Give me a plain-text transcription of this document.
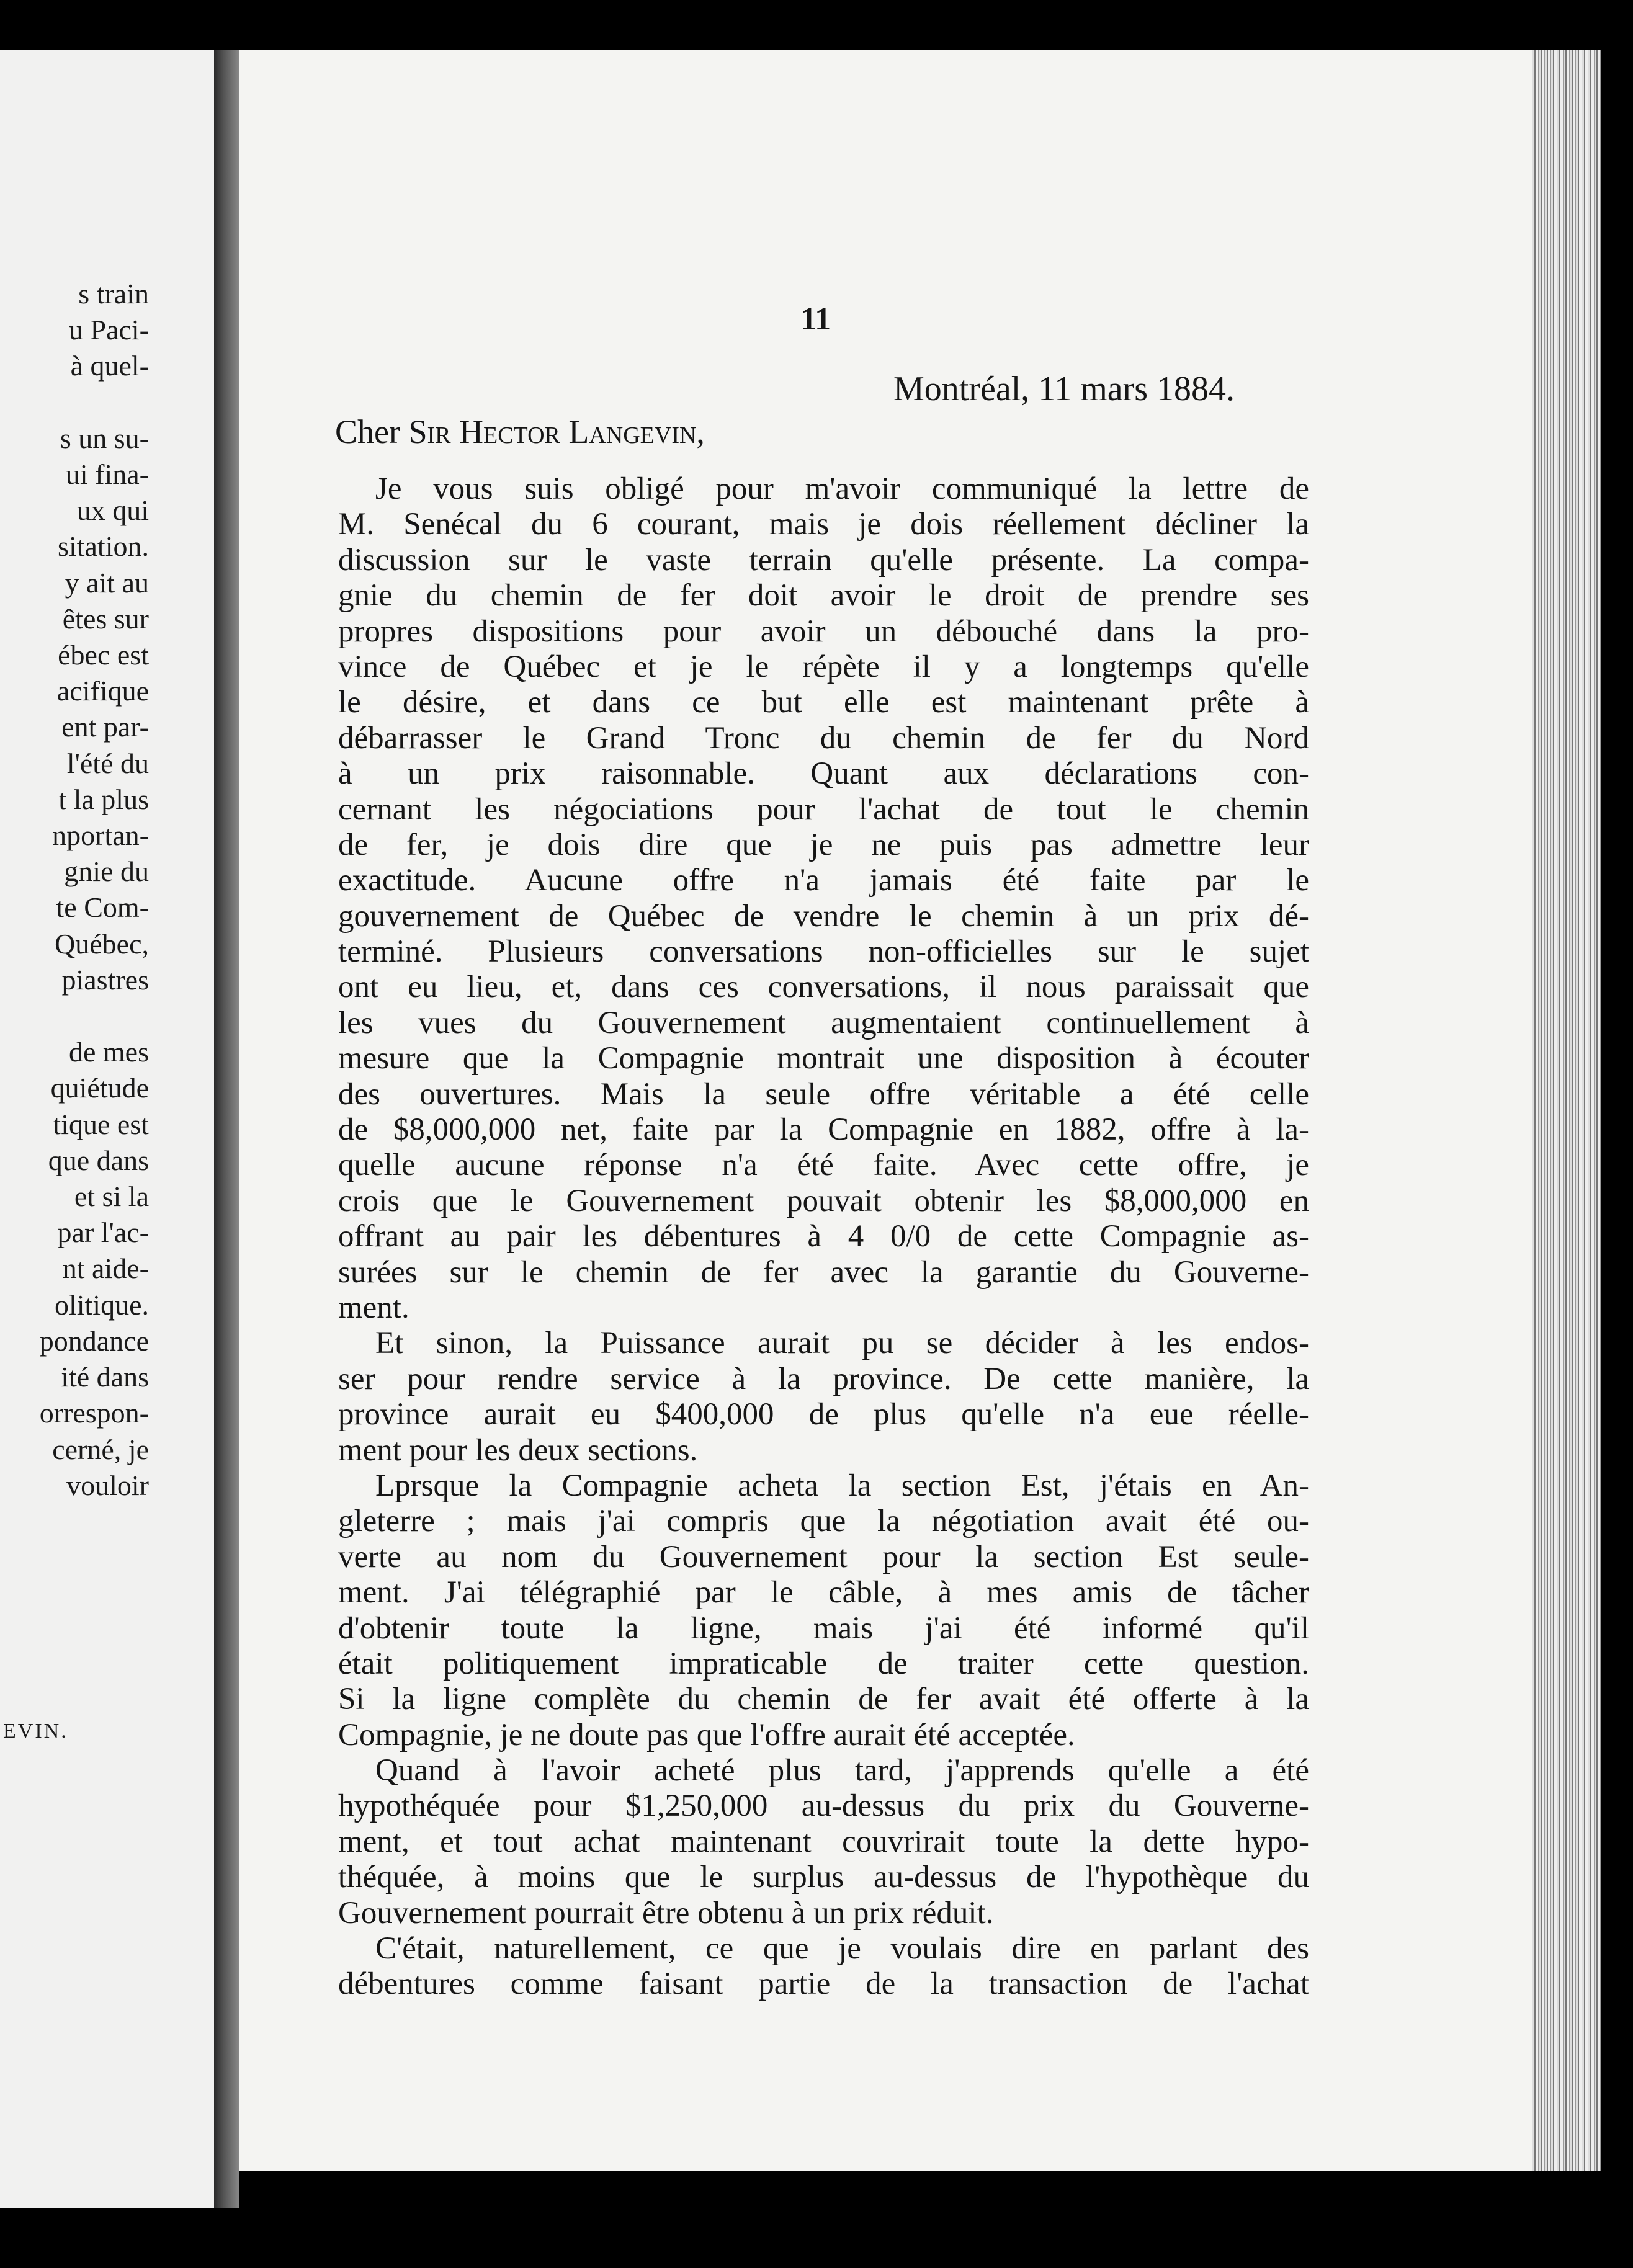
s train
u Paci-
à quel-

s un su-
ui fina-
ux qui
sitation.
y ait au
êtes sur
ébec est
acifique
ent par-
l'été du
t la plus
nportan-
gnie du
te Com-
Québec,
piastres

de mes
quiétude
tique est
que dans
et si la
par l'ac-
nt aide-
olitique.
pondance
ité dans
orrespon-
cerné, je
vouloir
EVIN.
11
Montréal, 11 mars 1884.
Cher Sir Hector Langevin,
Je vous suis obligé pour m'avoir communiqué la lettre de
M. Senécal du 6 courant, mais je dois réellement décliner la
discussion sur le vaste terrain qu'elle présente. La compa-
gnie du chemin de fer doit avoir le droit de prendre ses
propres dispositions pour avoir un débouché dans la pro-
vince de Québec et je le répète il y a longtemps qu'elle
le désire, et dans ce but elle est maintenant prête à
débarrasser le Grand Tronc du chemin de fer du Nord
à un prix raisonnable. Quant aux déclarations con-
cernant les négociations pour l'achat de tout le chemin
de fer, je dois dire que je ne puis pas admettre leur
exactitude. Aucune offre n'a jamais été faite par le
gouvernement de Québec de vendre le chemin à un prix dé-
terminé. Plusieurs conversations non-officielles sur le sujet
ont eu lieu, et, dans ces conversations, il nous paraissait que
les vues du Gouvernement augmentaient continuellement à
mesure que la Compagnie montrait une disposition à écouter
des ouvertures. Mais la seule offre véritable a été celle
de $8,000,000 net, faite par la Compagnie en 1882, offre à la-
quelle aucune réponse n'a été faite. Avec cette offre, je
crois que le Gouvernement pouvait obtenir les $8,000,000 en
offrant au pair les débentures à 4 0/0 de cette Compagnie as-
surées sur le chemin de fer avec la garantie du Gouverne-
ment.
Et sinon, la Puissance aurait pu se décider à les endos-
ser pour rendre service à la province. De cette manière, la
province aurait eu $400,000 de plus qu'elle n'a eue réelle-
ment pour les deux sections.
Lprsque la Compagnie acheta la section Est, j'étais en An-
gleterre ; mais j'ai compris que la négotiation avait été ou-
verte au nom du Gouvernement pour la section Est seule-
ment. J'ai télégraphié par le câble, à mes amis de tâcher
d'obtenir toute la ligne, mais j'ai été informé qu'il
était politiquement impraticable de traiter cette question.
Si la ligne complète du chemin de fer avait été offerte à la
Compagnie, je ne doute pas que l'offre aurait été acceptée.
Quand à l'avoir acheté plus tard, j'apprends qu'elle a été
hypothéquée pour $1,250,000 au-dessus du prix du Gouverne-
ment, et tout achat maintenant couvrirait toute la dette hypo-
théquée, à moins que le surplus au-dessus de l'hypothèque du
Gouvernement pourrait être obtenu à un prix réduit.
C'était, naturellement, ce que je voulais dire en parlant des
débentures comme faisant partie de la transaction de l'achat
